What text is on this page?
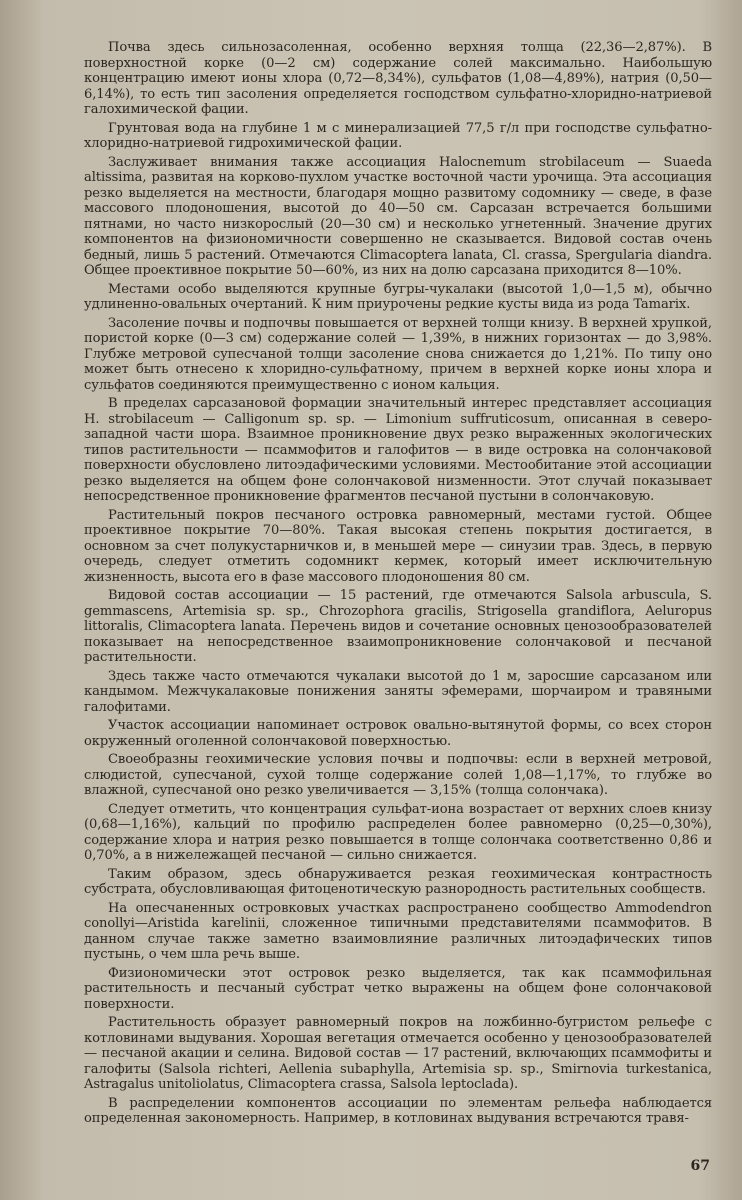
Почва здесь сильнозасоленная, особенно верхняя толща (22,36—2,87%). В поверхностной корке (0—2 см) содержание солей максимально. Наибольшую концентрацию имеют ионы хлора (0,72—8,34%), сульфатов (1,08—4,89%), натрия (0,50—6,14%), то есть тип засоления определяется господством сульфатно-хлоридно-натриевой галохимической фации.

Грунтовая вода на глубине 1 м с минерализацией 77,5 г/л при господстве сульфатно-хлоридно-натриевой гидрохимической фации.

Заслуживает внимания также ассоциация Halocnemum strobilaceum — Suaeda altissima, развитая на корково-пухлом участке восточной части урочища. Эта ассоциация резко выделяется на местности, благодаря мощно развитому содомнику — сведе, в фазе массового плодоношения, высотой до 40—50 см. Сарсазан встречается большими пятнами, но часто низкорослый (20—30 см) и несколько угнетенный. Значение других компонентов на физиономичности совершенно не сказывается. Видовой состав очень бедный, лишь 5 растений. Отмечаются Climacoptera lanata, Cl. crassa, Spergularia diandra. Общее проективное покрытие 50—60%, из них на долю сарсазана приходится 8—10%.

Местами особо выделяются крупные бугры-чукалаки (высотой 1,0—1,5 м), обычно удлиненно-овальных очертаний. К ним приурочены редкие кусты вида из рода Tamarix.

Засоление почвы и подпочвы повышается от верхней толщи книзу. В верхней хрупкой, пористой корке (0—3 см) содержание солей — 1,39%, в нижних горизонтах — до 3,98%. Глубже метровой супесчаной толщи засоление снова снижается до 1,21%. По типу оно может быть отнесено к хлоридно-сульфатному, причем в верхней корке ионы хлора и сульфатов соединяются преимущественно с ионом кальция.

В пределах сарсазановой формации значительный интерес представляет ассоциация H. strobilaceum — Calligonum sp. sp. — Limonium suffruticosum, описанная в северо-западной части шора. Взаимное проникновение двух резко выраженных экологических типов растительности — псаммофитов и галофитов — в виде островка на солончаковой поверхности обусловлено литоэдафическими условиями. Местообитание этой ассоциации резко выделяется на общем фоне солончаковой низменности. Этот случай показывает непосредственное проникновение фрагментов песчаной пустыни в солончаковую.

Растительный покров песчаного островка равномерный, местами густой. Общее проективное покрытие 70—80%. Такая высокая степень покрытия достигается, в основном за счет полукустарничков и, в меньшей мере — синузии трав. Здесь, в первую очередь, следует отметить содомникт кермек, который имеет исключительную жизненность, высота его в фазе массового плодоношения 80 см.

Видовой состав ассоциации — 15 растений, где отмечаются Salsola arbuscula, S. gemmascens, Artemisia sp. sp., Chrozophora gracilis, Strigosella grandiflora, Aeluropus littoralis, Climacoptera lanata. Перечень видов и сочетание основных ценозообразователей показывает на непосредственное взаимопроникновение солончаковой и песчаной растительности.

Здесь также часто отмечаются чукалаки высотой до 1 м, заросшие сарсазаном или кандымом. Межчукалаковые понижения заняты эфемерами, шорчаиром и травяными галофитами.

Участок ассоциации напоминает островок овально-вытянутой формы, со всех сторон окруженный оголенной солончаковой поверхностью.

Своеобразны геохимические условия почвы и подпочвы: если в верхней метровой, слюдистой, супесчаной, сухой толще содержание солей 1,08—1,17%, то глубже во влажной, супесчаной оно резко увеличивается — 3,15% (толща солончака).

Следует отметить, что концентрация сульфат-иона возрастает от верхних слоев книзу (0,68—1,16%), кальций по профилю распределен более равномерно (0,25—0,30%), содержание хлора и натрия резко повышается в толще солончака соответственно 0,86 и 0,70%, а в нижележащей песчаной — сильно снижается.

Таким образом, здесь обнаруживается резкая геохимическая контрастность субстрата, обусловливающая фитоценотическую разнородность растительных сообществ.

На опесчаненных островковых участках распространено сообщество Ammodendron conollyi—Aristida karelinii, сложенное типичными представителями псаммофитов. В данном случае также заметно взаимовлияние различных литоэдафических типов пустынь, о чем шла речь выше.

Физиономически этот островок резко выделяется, так как псаммофильная растительность и песчаный субстрат четко выражены на общем фоне солончаковой поверхности.

Растительность образует равномерный покров на ложбинно-бугристом рельефе с котловинами выдувания. Хорошая вегетация отмечается особенно у ценозообразователей — песчаной акации и селина. Видовой состав — 17 растений, включающих псаммофиты и галофиты (Salsola richteri, Aellenia subaphylla, Artemisia sp. sp., Smirnovia turkestanica, Astragalus unitoliolatus, Climacoptera crassa, Salsola leptoclada).

В распределении компонентов ассоциации по элементам рельефа наблюдается определенная закономерность. Например, в котловинах выдувания встречаются травя-

67
